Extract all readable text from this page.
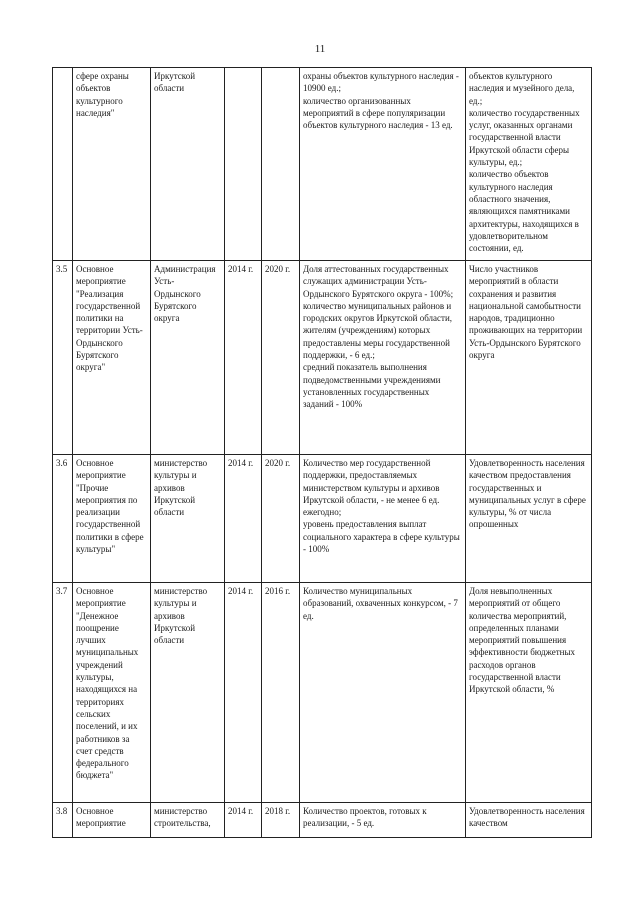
11
	сфере охраны объектов культурного наследия"	Иркутской области			охраны объектов культурного наследия - 10900 ед.;
количество организованных мероприятий в сфере популяризации объектов культурного наследия - 13 ед.	объектов культурного наследия и музейного дела, ед.;
количество государственных услуг, оказанных органами государственной власти Иркутской области сферы культуры, ед.;
количество объектов культурного наследия областного значения, являющихся памятниками архитектуры, находящихся в удовлетворительном состоянии, ед.
3.5	Основное мероприятие "Реализация государственной политики на территории Усть-Ордынского Бурятского округа"	Администрация Усть-Ордынского Бурятского округа	2014 г.	2020 г.	Доля аттестованных государственных служащих администрации Усть-Ордынского Бурятского округа - 100%;
количество муниципальных районов и городских округов Иркутской области, жителям (учреждениям) которых предоставлены меры государственной поддержки, - 6 ед.;
средний показатель выполнения подведомственными учреждениями установленных государственных заданий - 100%	Число участников мероприятий в области сохранения и развития национальной самобытности народов, традиционно проживающих на территории Усть-Ордынского Бурятского округа
3.6	Основное мероприятие "Прочие мероприятия по реализации государственной политики в сфере культуры"	министерство культуры и архивов Иркутской области	2014 г.	2020 г.	Количество мер государственной поддержки, предоставляемых министерством культуры и архивов Иркутской области, - не менее 6 ед. ежегодно;
уровень предоставления выплат социального характера в сфере культуры - 100%	Удовлетворенность населения качеством предоставления государственных и муниципальных услуг в сфере культуры, % от числа опрошенных
3.7	Основное мероприятие "Денежное поощрение лучших муниципальных учреждений культуры, находящихся на территориях сельских поселений, и их работников за счет средств федерального бюджета"	министерство культуры и архивов Иркутской области	2014 г.	2016 г.	Количество муниципальных образований, охваченных конкурсом, - 7 ед.	Доля невыполненных мероприятий от общего количества мероприятий, определенных планами мероприятий повышения эффективности бюджетных расходов органов государственной власти Иркутской области, %
3.8	Основное мероприятие	министерство строительства,	2014 г.	2018 г.	Количество проектов, готовых к реализации, - 5 ед.	Удовлетворенность населения качеством
